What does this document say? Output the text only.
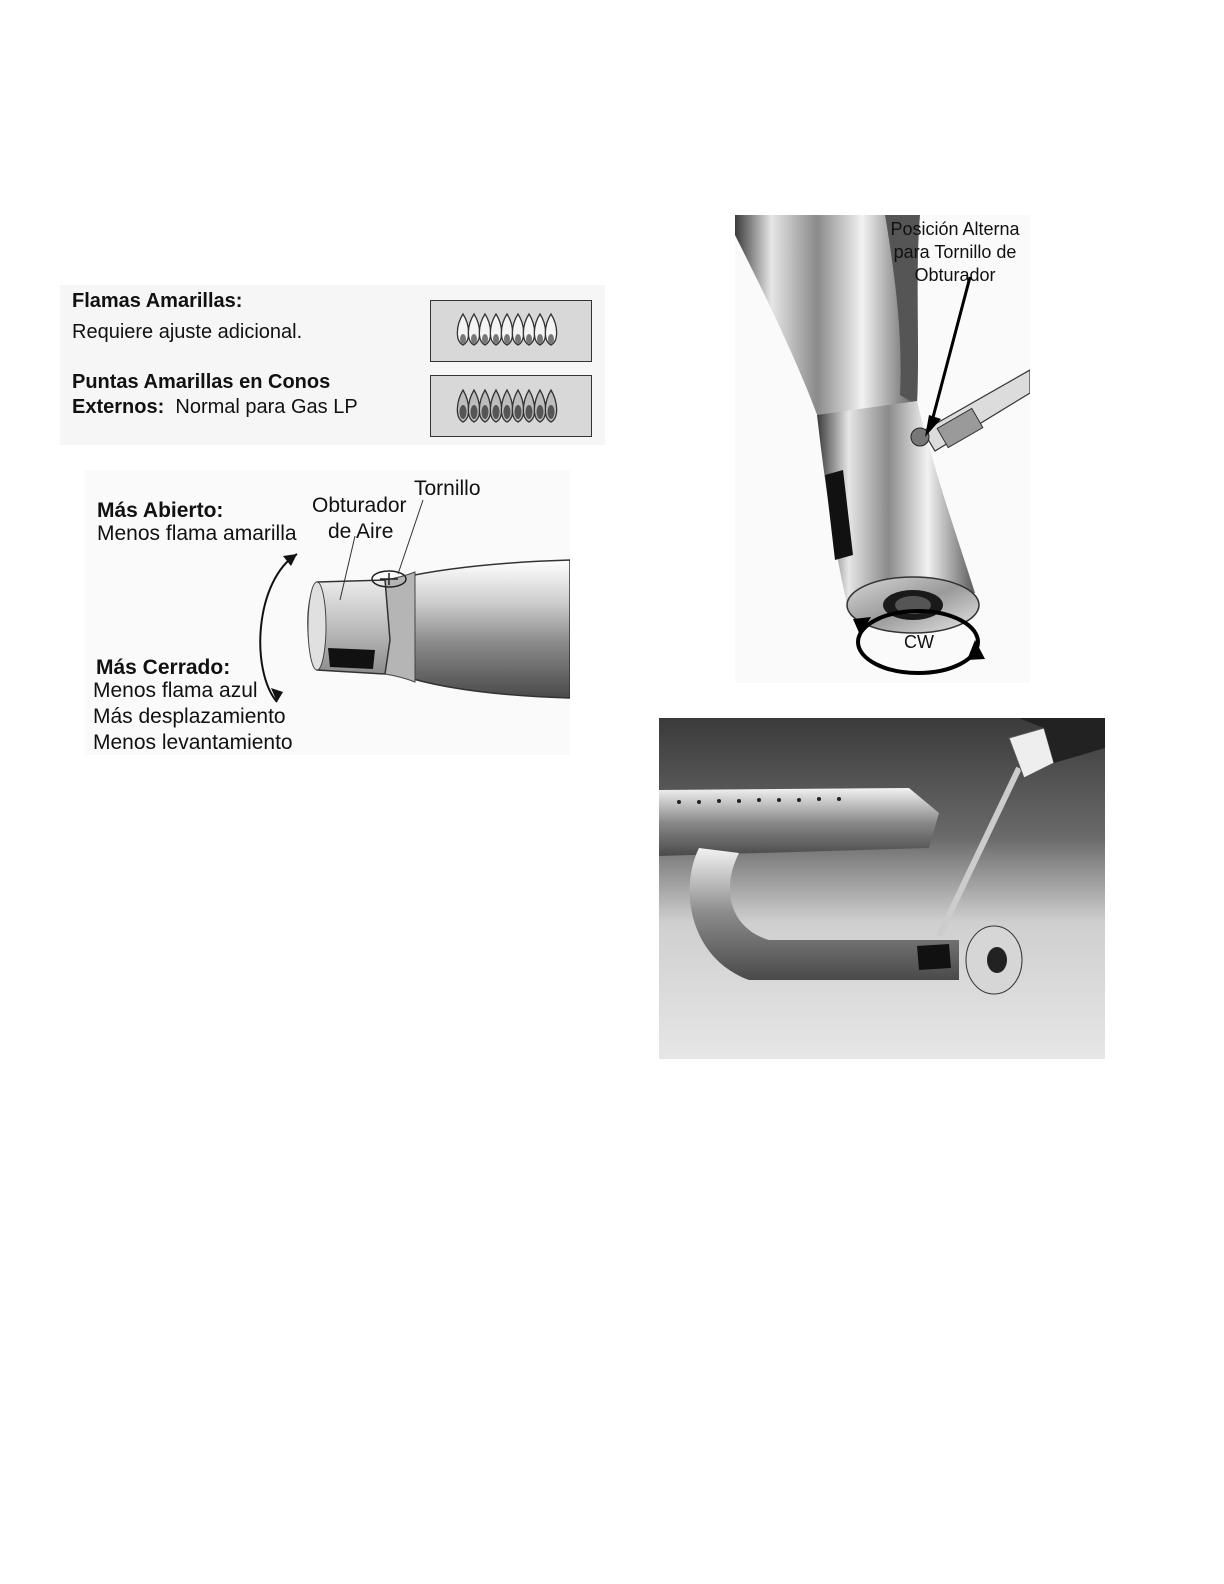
Flamas Amarillas:
Requiere ajuste adicional.
Puntas Amarillas en Conos
Externos: Normal para Gas LP
Más Abierto:
Menos flama amarilla
Obturador
de Aire
Tornillo
Más Cerrado:
Menos flama azul
Más desplazamiento
Menos levantamiento
Posición Alterna
para Tornillo de
Obturador
CW
